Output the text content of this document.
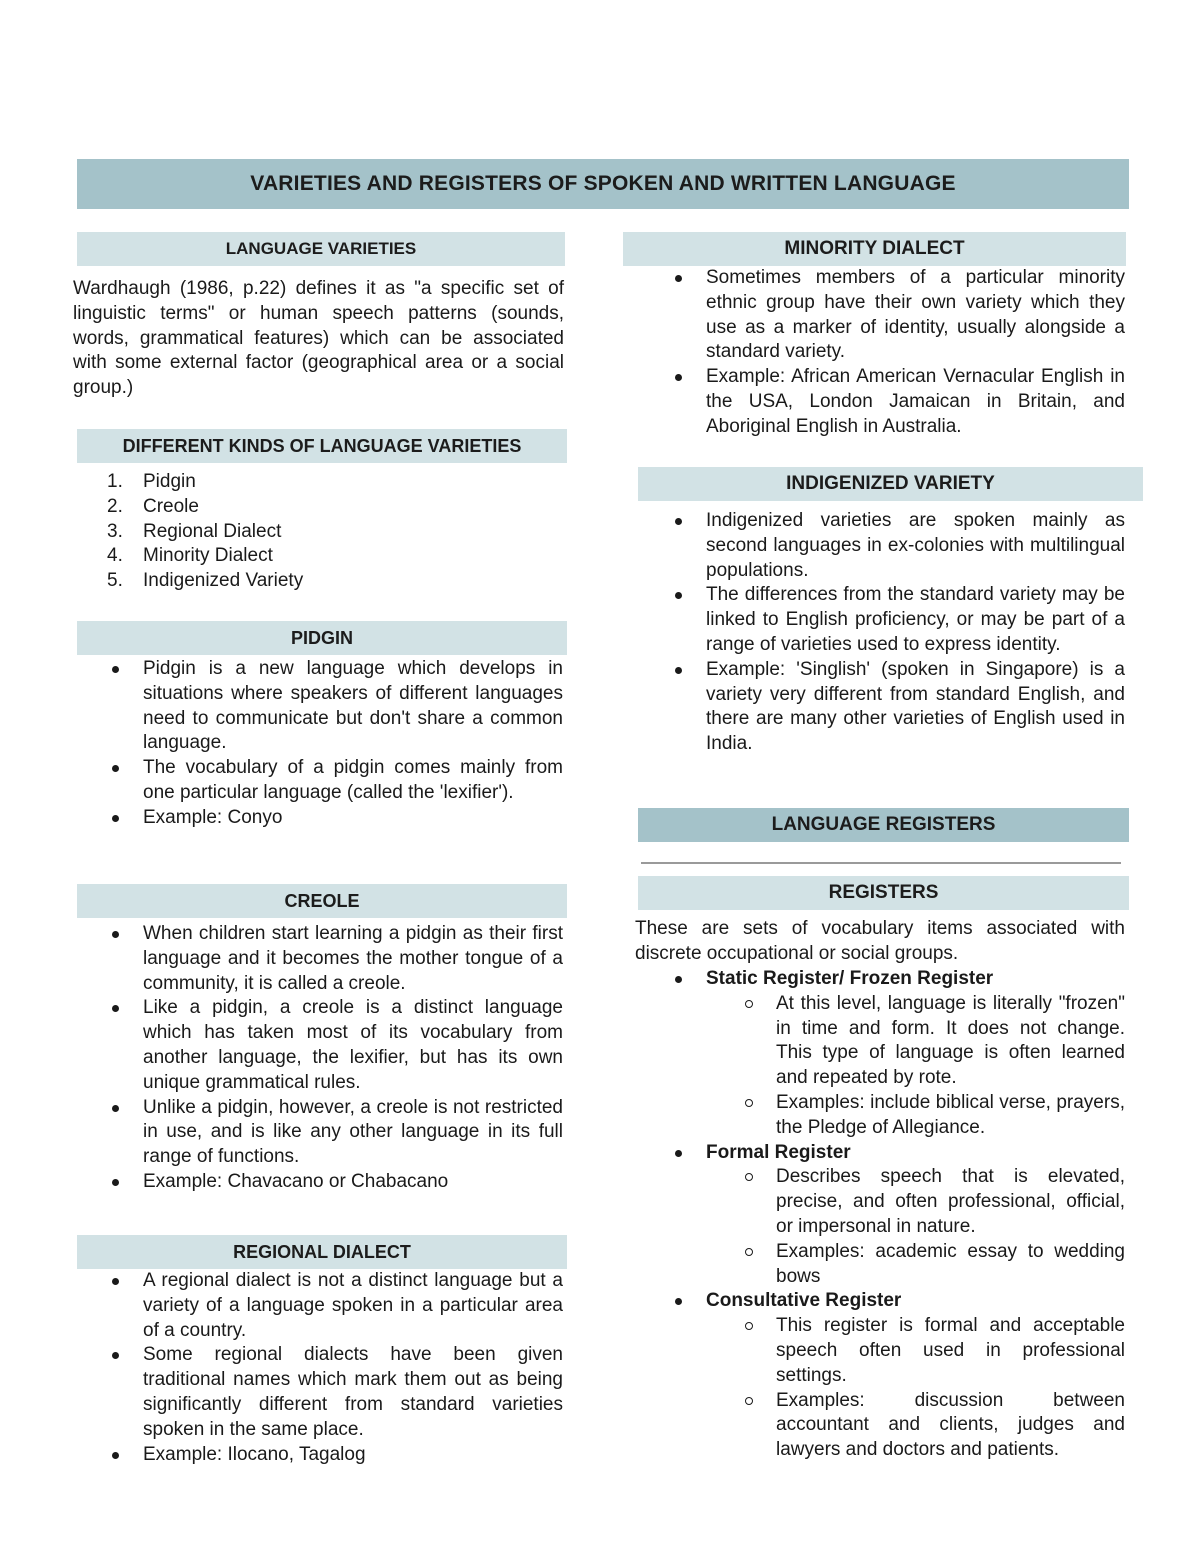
VARIETIES AND REGISTERS OF SPOKEN AND WRITTEN LANGUAGE
LANGUAGE VARIETIES

Wardhaugh (1986, p.22) defines it as "a specific set of linguistic terms" or human speech patterns (sounds, words, grammatical features) which can be associated with some external factor (geographical area or a social group.)

DIFFERENT KINDS OF LANGUAGE VARIETIES
1. Pidgin
2. Creole
3. Regional Dialect
4. Minority Dialect
5. Indigenized Variety
PIDGIN
Pidgin is a new language which develops in situations where speakers of different languages need to communicate but don't share a common language.
The vocabulary of a pidgin comes mainly from one particular language (called the 'lexifier').
Example: Conyo
CREOLE
When children start learning a pidgin as their first language and it becomes the mother tongue of a community, it is called a creole.
Like a pidgin, a creole is a distinct language which has taken most of its vocabulary from another language, the lexifier, but has its own unique grammatical rules.
Unlike a pidgin, however, a creole is not restricted in use, and is like any other language in its full range of functions.
Example: Chavacano or Chabacano
REGIONAL DIALECT
A regional dialect is not a distinct language but a variety of a language spoken in a particular area of a country.
Some regional dialects have been given traditional names which mark them out as being significantly different from standard varieties spoken in the same place.
Example: Ilocano, Tagalog
MINORITY DIALECT
Sometimes members of a particular minority ethnic group have their own variety which they use as a marker of identity, usually alongside a standard variety.
Example: African American Vernacular English in the USA, London Jamaican in Britain, and Aboriginal English in Australia.
INDIGENIZED VARIETY
Indigenized varieties are spoken mainly as second languages in ex-colonies with multilingual populations.
The differences from the standard variety may be linked to English proficiency, or may be part of a range of varieties used to express identity.
Example: 'Singlish' (spoken in Singapore) is a variety very different from standard English, and there are many other varieties of English used in India.
LANGUAGE REGISTERS
REGISTERS

These are sets of vocabulary items associated with discrete occupational or social groups.

Static Register/ Frozen Register
At this level, language is literally "frozen" in time and form. It does not change. This type of language is often learned and repeated by rote.
Examples: include biblical verse, prayers, the Pledge of Allegiance.
Formal Register
Describes speech that is elevated, precise, and often professional, official, or impersonal in nature.
Examples: academic essay to wedding bows
Consultative Register
This register is formal and acceptable speech often used in professional settings.
Examples: discussion between accountant and clients, judges and lawyers and doctors and patients.
